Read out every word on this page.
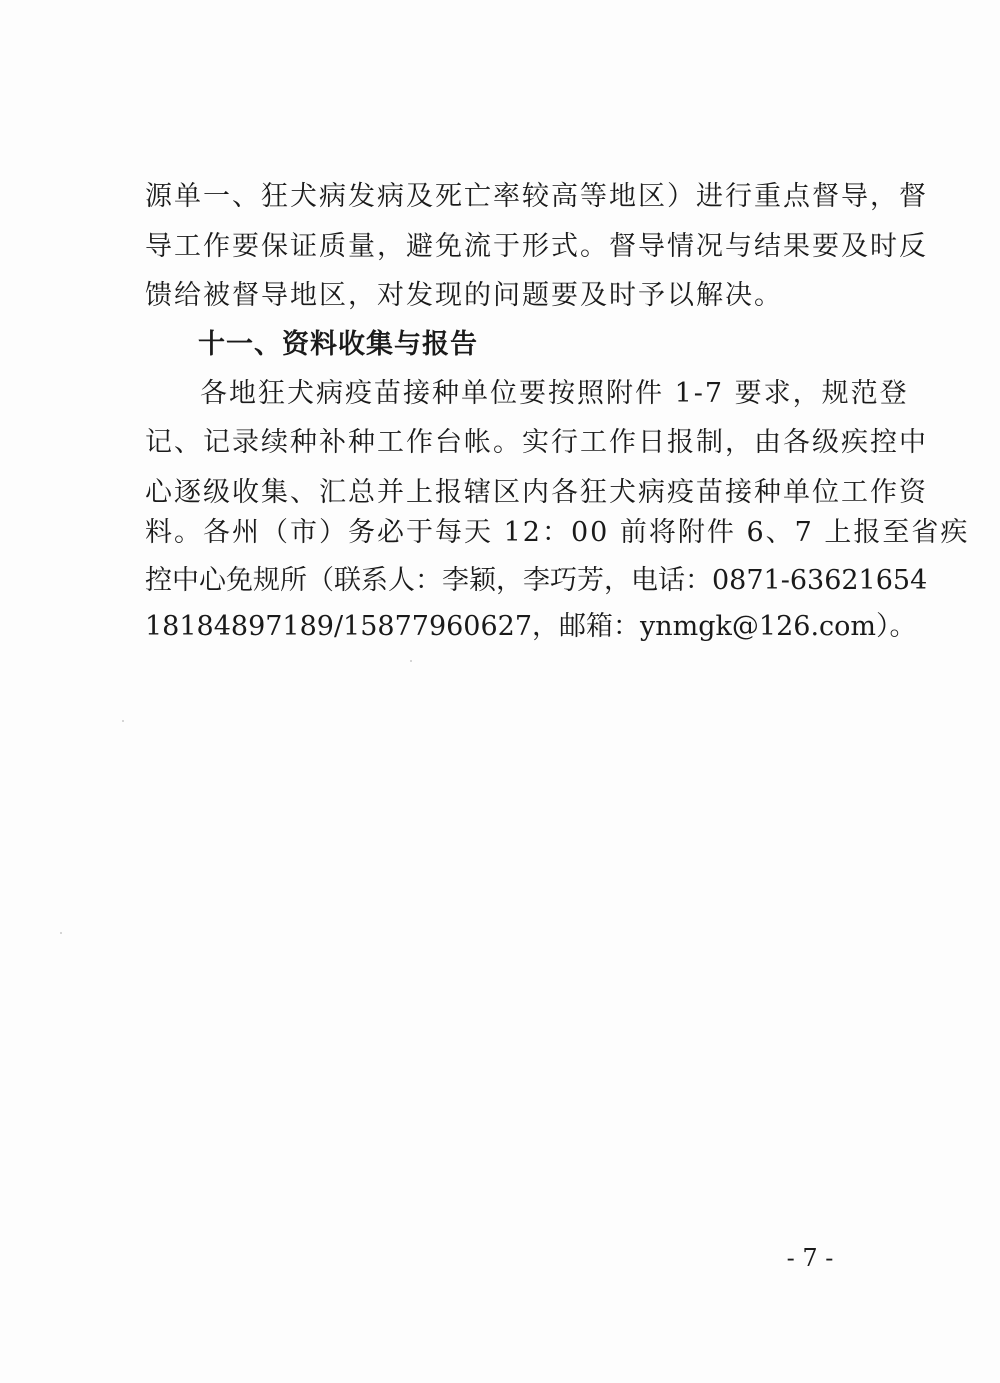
源单一、狂犬病发病及死亡率较高等地区）进行重点督导，督
导工作要保证质量，避免流于形式。督导情况与结果要及时反
馈给被督导地区，对发现的问题要及时予以解决。
十一、资料收集与报告
各地狂犬病疫苗接种单位要按照附件 1-7 要求，规范登
记、记录续种补种工作台帐。实行工作日报制，由各级疾控中
心逐级收集、汇总并上报辖区内各狂犬病疫苗接种单位工作资
料。各州（市）务必于每天 12：00 前将附件 6、7 上报至省疾
控中心免规所（联系人：李颖，李巧芳，电话：0871-63621654
18184897189/15877960627，邮箱：ynmgk@126.com）。
- 7 -
